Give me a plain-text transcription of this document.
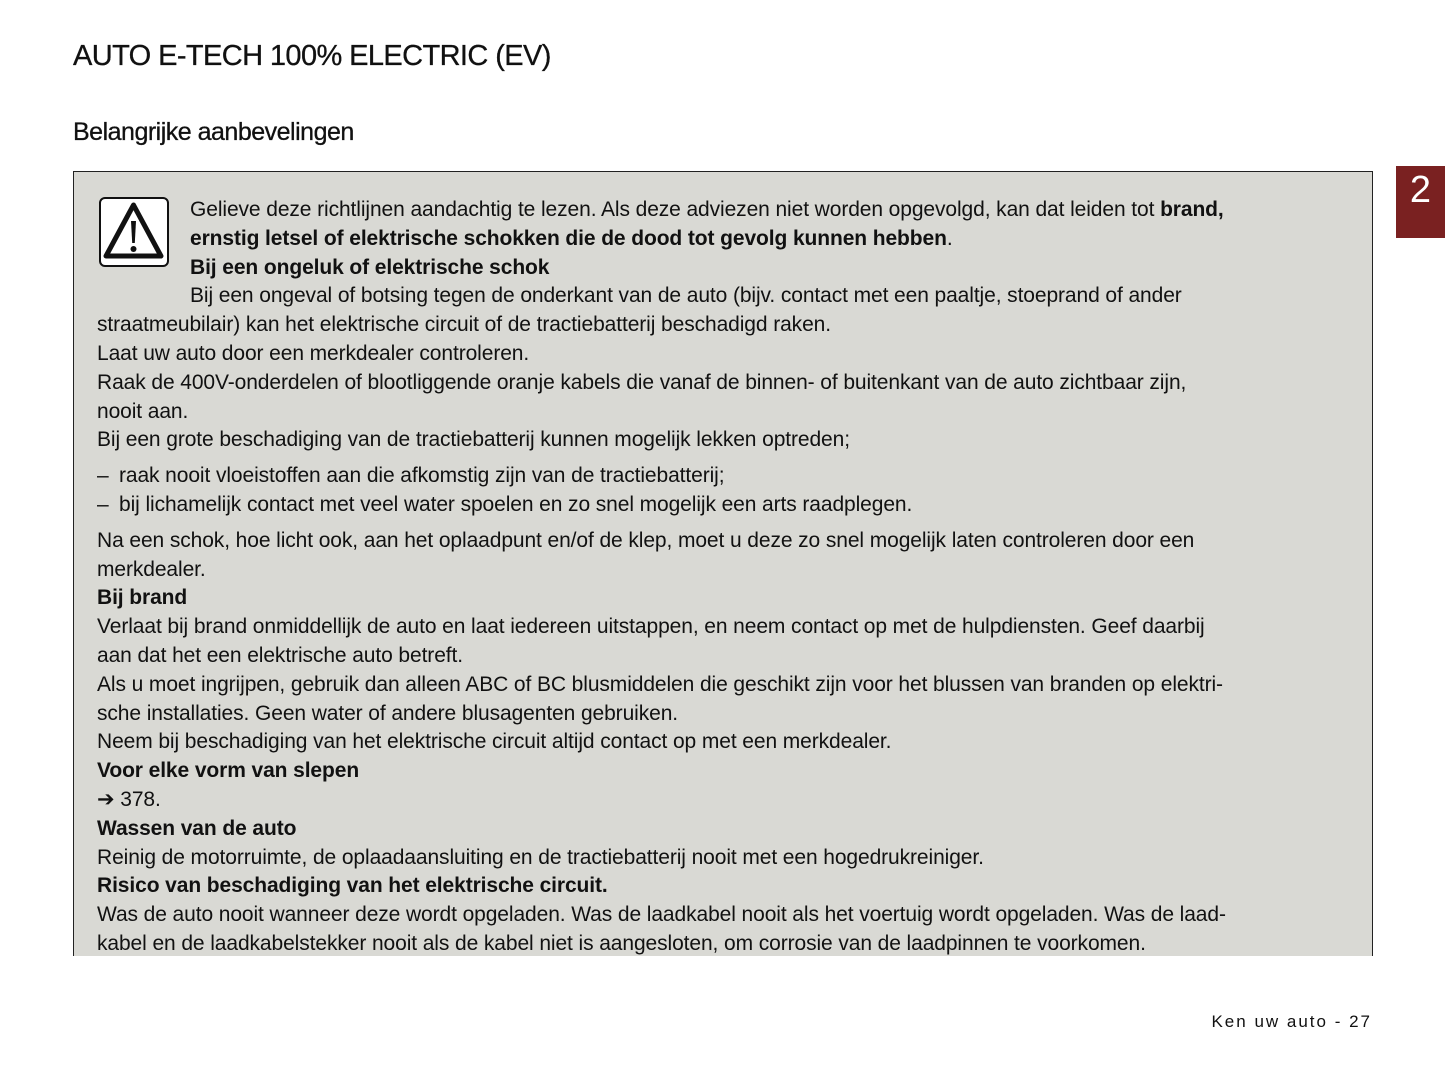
AUTO E-TECH 100% ELECTRIC (EV)
Belangrijke aanbevelingen
2
Gelieve deze richtlijnen aandachtig te lezen. Als deze adviezen niet worden opgevolgd, kan dat leiden tot brand,
ernstig letsel of elektrische schokken die de dood tot gevolg kunnen hebben.
Bij een ongeluk of elektrische schok
Bij een ongeval of botsing tegen de onderkant van de auto (bijv. contact met een paaltje, stoeprand of ander
straatmeubilair) kan het elektrische circuit of de tractiebatterij beschadigd raken.
Laat uw auto door een merkdealer controleren.
Raak de 400V-onderdelen of blootliggende oranje kabels die vanaf de binnen- of buitenkant van de auto zichtbaar zijn,
nooit aan.
Bij een grote beschadiging van de tractiebatterij kunnen mogelijk lekken optreden;
– raak nooit vloeistoffen aan die afkomstig zijn van de tractiebatterij;
– bij lichamelijk contact met veel water spoelen en zo snel mogelijk een arts raadplegen.
Na een schok, hoe licht ook, aan het oplaadpunt en/of de klep, moet u deze zo snel mogelijk laten controleren door een
merkdealer.
Bij brand
Verlaat bij brand onmiddellijk de auto en laat iedereen uitstappen, en neem contact op met de hulpdiensten. Geef daarbij
aan dat het een elektrische auto betreft.
Als u moet ingrijpen, gebruik dan alleen ABC of BC blusmiddelen die geschikt zijn voor het blussen van branden op elektri-
sche installaties. Geen water of andere blusagenten gebruiken.
Neem bij beschadiging van het elektrische circuit altijd contact op met een merkdealer.
Voor elke vorm van slepen
➔ 378.
Wassen van de auto
Reinig de motorruimte, de oplaadaansluiting en de tractiebatterij nooit met een hogedrukreiniger.
Risico van beschadiging van het elektrische circuit.
Was de auto nooit wanneer deze wordt opgeladen. Was de laadkabel nooit als het voertuig wordt opgeladen. Was de laad-
kabel en de laadkabelstekker nooit als de kabel niet is aangesloten, om corrosie van de laadpinnen te voorkomen.
Ken uw auto - 27
